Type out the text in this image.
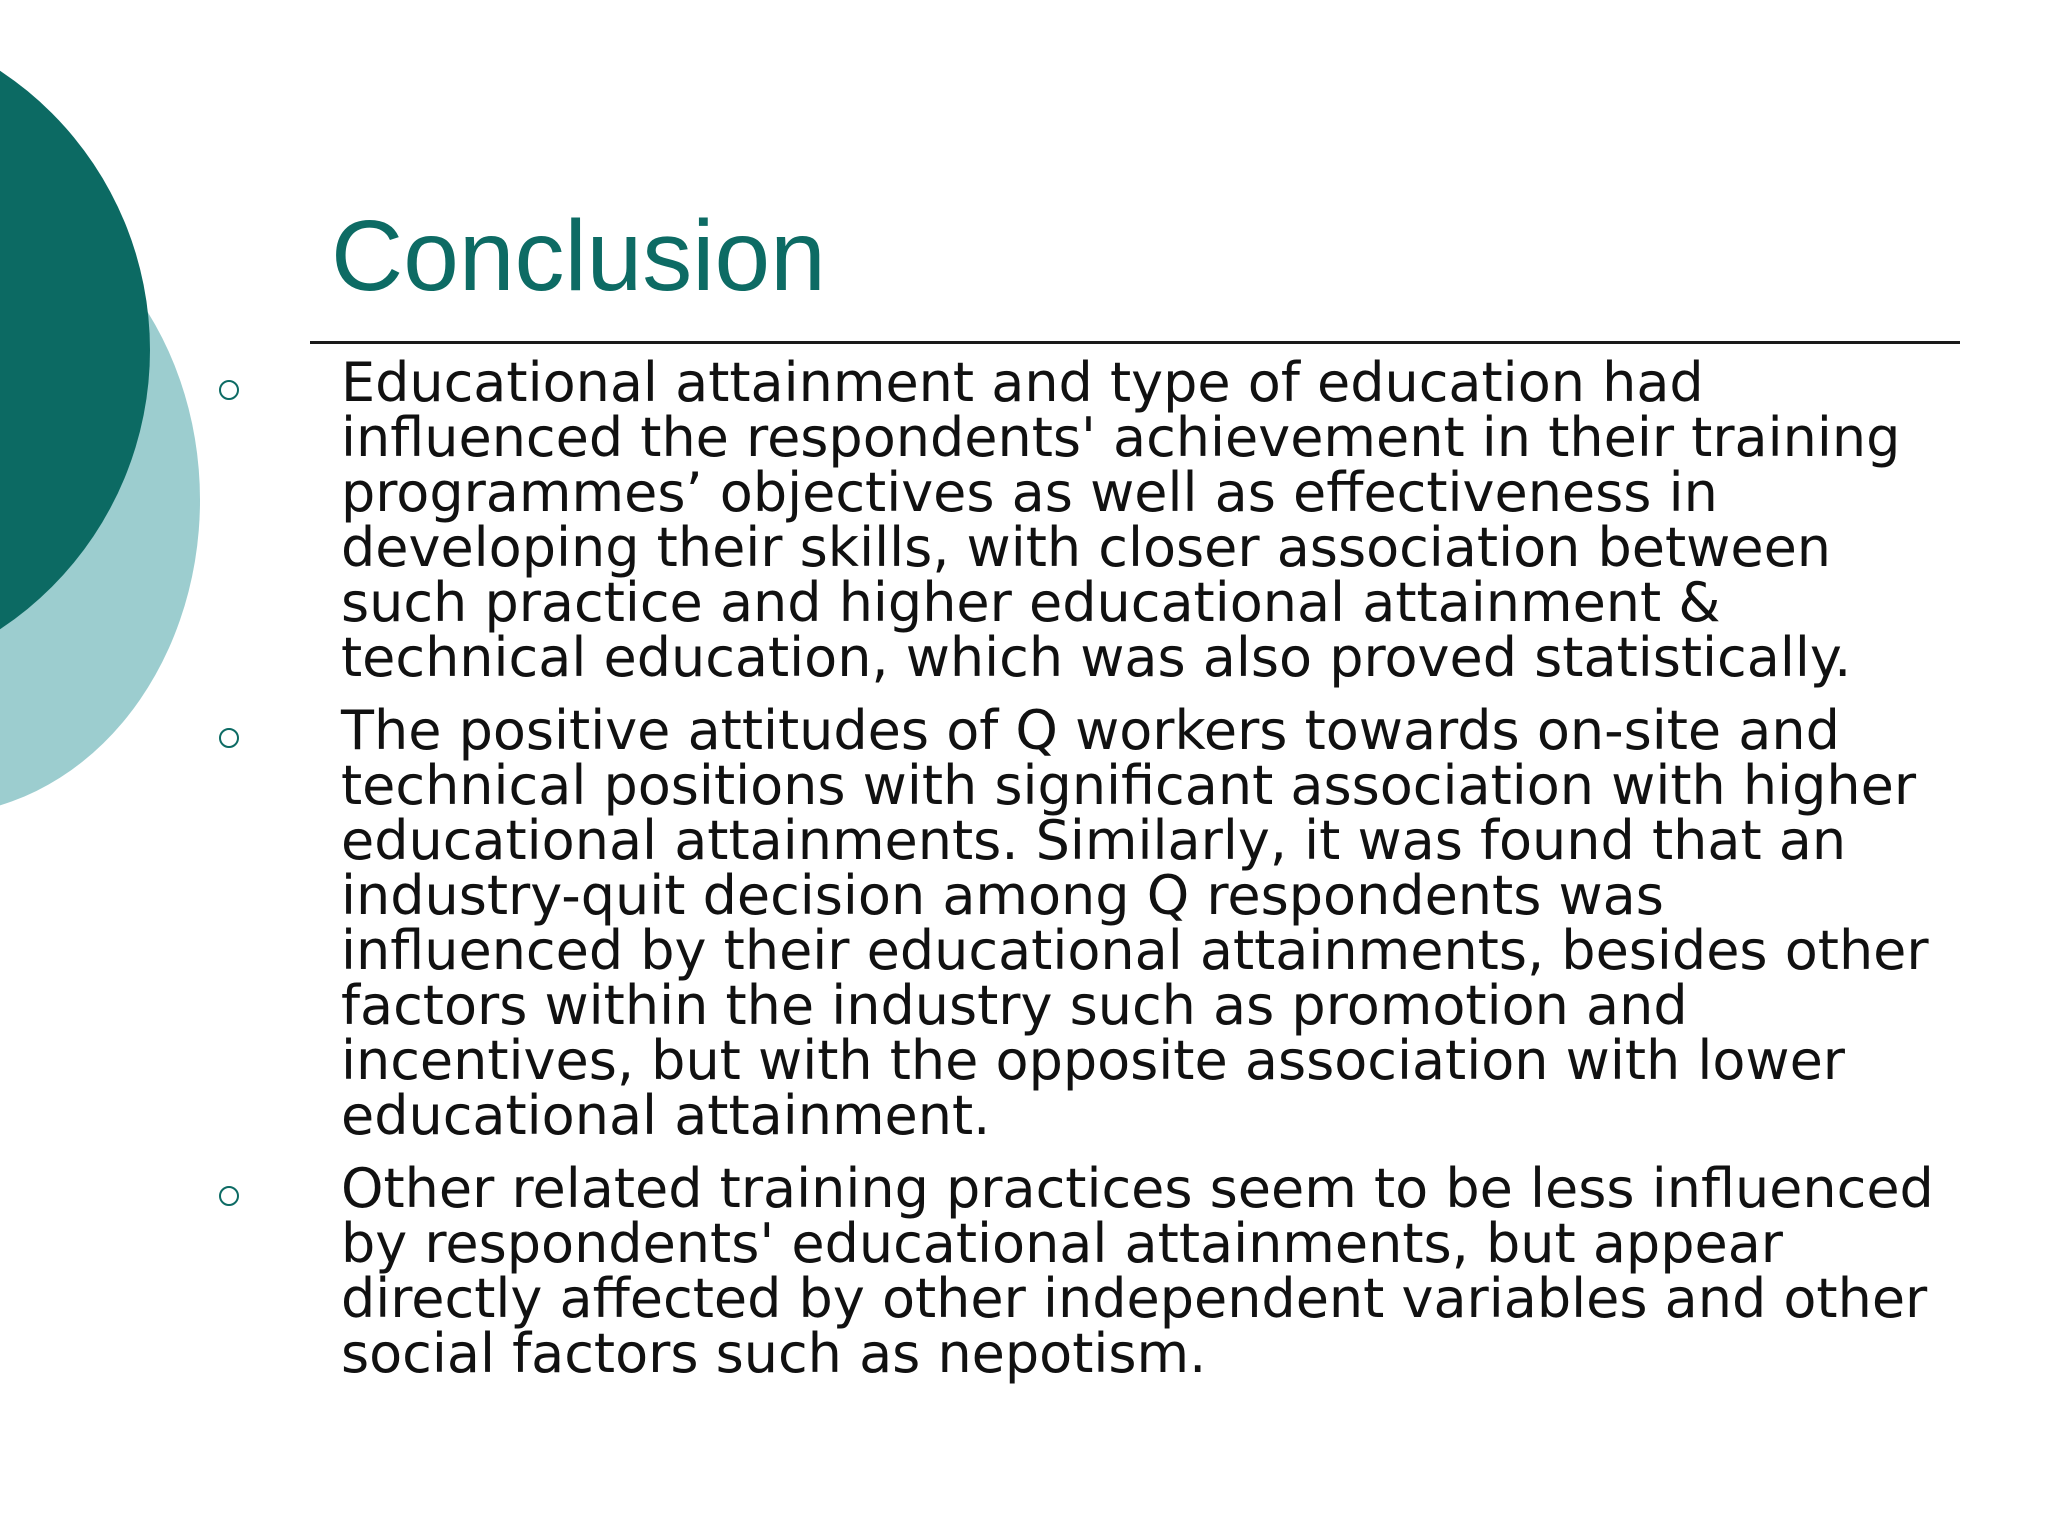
Conclusion
Educational attainment and type of education had influenced the respondents' achievement in their training programmes’ objectives as well as effectiveness in developing their skills, with closer association between such practice and higher educational attainment & technical education, which was also proved statistically.
The positive attitudes of Q workers towards on-site and technical positions with significant association with higher educational attainments. Similarly, it was found that an industry-quit decision among Q respondents was influenced by their educational attainments, besides other factors within the industry such as promotion and incentives, but with the opposite association with lower educational attainment.
Other related training practices seem to be less influenced by respondents' educational attainments, but appear directly affected by other independent variables and other social factors such as nepotism.
